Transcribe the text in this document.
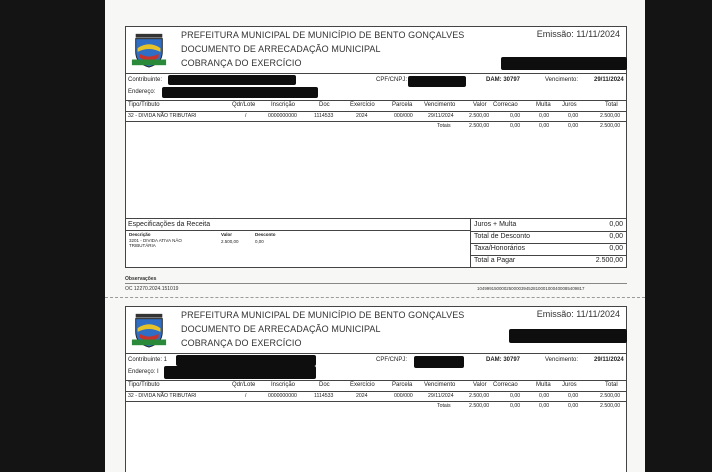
PREFEITURA MUNICIPAL DE MUNICÍPIO DE BENTO GONÇALVES
DOCUMENTO DE ARRECADAÇÃO MUNICIPAL
COBRANÇA DO EXERCÍCIO
Emissão: 11/11/2024
Contribuinte:
Endereço:
CPF/CNPJ:	DAM: 30797	Vencimento:	29/11/2024
Tipo/Tributo	Qdr/Lote	Inscrição	Doc	Exercício	Parcela Vencimento	Valor Correcao	Multa Juros	Total
32 - DIVIDA NÃO TRIBUTARI	/	0000000000	1114533	2024	000/000	29/11/2024	2.500,00	0,00	0,00	0,00	2.500,00
Totais	2.500,00	0,00	0,00	0,00	2.500,00
Especificações da Receita
Descrição	Valor	Desconto
3201 - DIVIDA ATIVA NÃO
TRIBUTÁRIA
2.500,00	0,00
Juros + Multa	0,00
Total de Desconto	0,00
Taxa/Honorários	0,00
Total a Pagar	2.500,00
Observações
OC 12270.2024.151019	10499915000025000039452810001000400085409817
PREFEITURA MUNICIPAL DE MUNICÍPIO DE BENTO GONÇALVES
DOCUMENTO DE ARRECADAÇÃO MUNICIPAL
COBRANÇA DO EXERCÍCIO
Emissão: 11/11/2024
Contribuinte: 1
Endereço: I
CPF/CNPJ:	DAM: 30797	Vencimento:	29/11/2024
Tipo/Tributo	Qdr/Lote	Inscrição	Doc	Exercício	Parcela Vencimento	Valor Correcao	Multa Juros	Total
32 - DIVIDA NÃO TRIBUTARI	/	0000000000	1114533	2024	000/000	29/11/2024	2.500,00	0,00	0,00	0,00	2.500,00
Totais	2.500,00	0,00	0,00	0,00	2.500,00
